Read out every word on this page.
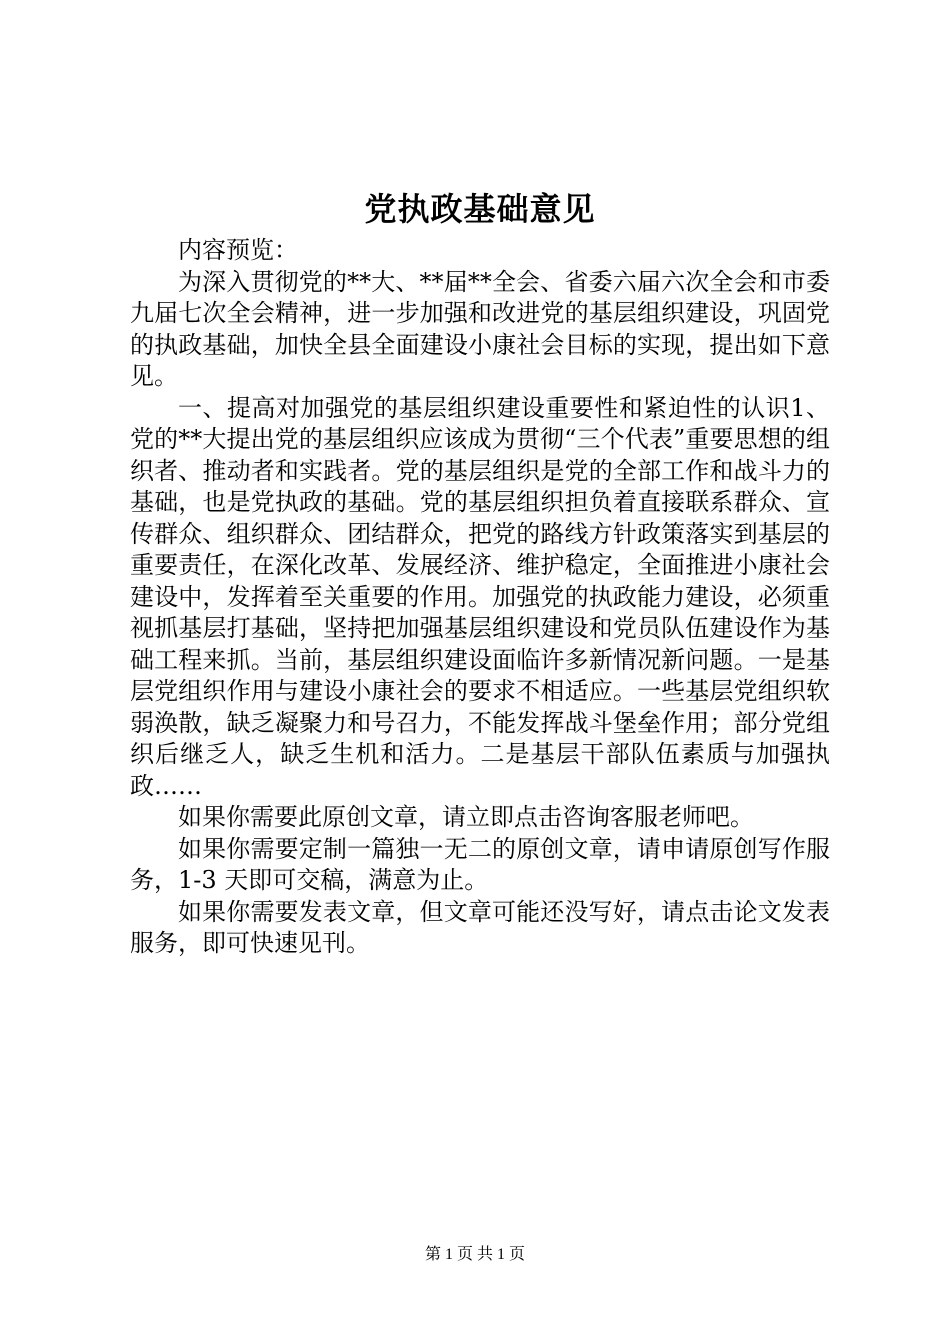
党执政基础意见

内容预览：

为深入贯彻党的**大、**届**全会、省委六届六次全会和市委九届七次全会精神，进一步加强和改进党的基层组织建设，巩固党的执政基础，加快全县全面建设小康社会目标的实现，提出如下意见。

一、提高对加强党的基层组织建设重要性和紧迫性的认识1、党的**大提出党的基层组织应该成为贯彻“三个代表”重要思想的组织者、推动者和实践者。党的基层组织是党的全部工作和战斗力的基础，也是党执政的基础。党的基层组织担负着直接联系群众、宣传群众、组织群众、团结群众，把党的路线方针政策落实到基层的重要责任，在深化改革、发展经济、维护稳定，全面推进小康社会建设中，发挥着至关重要的作用。加强党的执政能力建设，必须重视抓基层打基础，坚持把加强基层组织建设和党员队伍建设作为基础工程来抓。当前，基层组织建设面临许多新情况新问题。一是基层党组织作用与建设小康社会的要求不相适应。一些基层党组织软弱涣散，缺乏凝聚力和号召力，不能发挥战斗堡垒作用；部分党组织后继乏人，缺乏生机和活力。二是基层干部队伍素质与加强执政……

如果你需要此原创文章，请立即点击咨询客服老师吧。

如果你需要定制一篇独一无二的原创文章，请申请原创写作服务，1-3 天即可交稿，满意为止。

如果你需要发表文章，但文章可能还没写好，请点击论文发表服务，即可快速见刊。

第 1 页 共 1 页
